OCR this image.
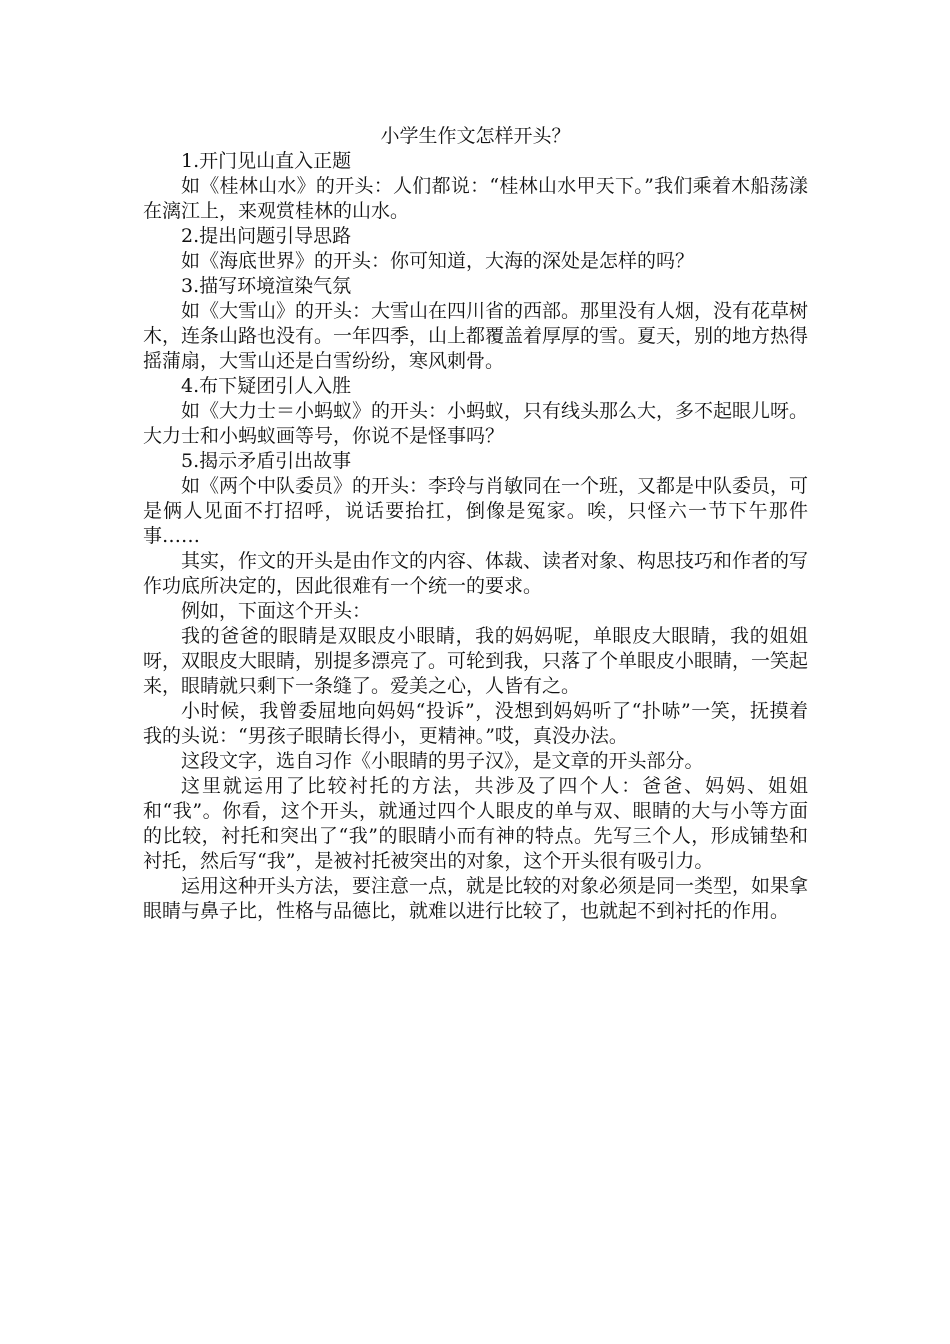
小学生作文怎样开头？

1.开门见山直入正题

如《桂林山水》的开头：人们都说：“桂林山水甲天下。”我们乘着木船荡漾在漓江上，来观赏桂林的山水。

2.提出问题引导思路

如《海底世界》的开头：你可知道，大海的深处是怎样的吗？

3.描写环境渲染气氛

如《大雪山》的开头：大雪山在四川省的西部。那里没有人烟，没有花草树木，连条山路也没有。一年四季，山上都覆盖着厚厚的雪。夏天，别的地方热得摇蒲扇，大雪山还是白雪纷纷，寒风刺骨。

4.布下疑团引人入胜

如《大力士＝小蚂蚁》的开头：小蚂蚁，只有线头那么大，多不起眼儿呀。大力士和小蚂蚁画等号，你说不是怪事吗？

5.揭示矛盾引出故事

如《两个中队委员》的开头：李玲与肖敏同在一个班，又都是中队委员，可是俩人见面不打招呼，说话要抬扛，倒像是冤家。唉，只怪六一节下午那件事……

其实，作文的开头是由作文的内容、体裁、读者对象、构思技巧和作者的写作功底所决定的，因此很难有一个统一的要求。

例如，下面这个开头：

我的爸爸的眼睛是双眼皮小眼睛，我的妈妈呢，单眼皮大眼睛，我的姐姐呀，双眼皮大眼睛，别提多漂亮了。可轮到我，只落了个单眼皮小眼睛，一笑起来，眼睛就只剩下一条缝了。爱美之心，人皆有之。

小时候，我曾委屈地向妈妈“投诉”，没想到妈妈听了“扑哧”一笑，抚摸着我的头说：“男孩子眼睛长得小，更精神。”哎，真没办法。

这段文字，选自习作《小眼睛的男子汉》，是文章的开头部分。

这里就运用了比较衬托的方法，共涉及了四个人：爸爸、妈妈、姐姐和“我”。你看，这个开头，就通过四个人眼皮的单与双、眼睛的大与小等方面的比较，衬托和突出了“我”的眼睛小而有神的特点。先写三个人，形成铺垫和衬托，然后写“我”，是被衬托被突出的对象，这个开头很有吸引力。

运用这种开头方法，要注意一点，就是比较的对象必须是同一类型，如果拿眼睛与鼻子比，性格与品德比，就难以进行比较了，也就起不到衬托的作用。
